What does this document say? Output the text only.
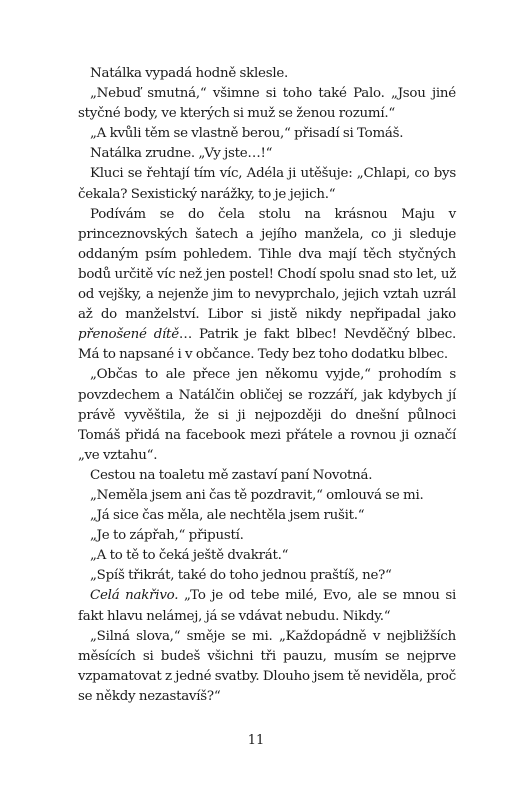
Natálka vypadá hodně sklesle.

„Nebuď smutná,“ všimne si toho také Palo. „Jsou jiné styčné body, ve kterých si muž se ženou rozumí.“

„A kvůli těm se vlastně berou,“ přisadí si Tomáš.

Natálka zrudne. „Vy jste…!“

Kluci se řehtají tím víc, Adéla ji utěšuje: „Chlapi, co bys čekala? Sexistický narážky, to je jejich.“

Podívám se do čela stolu na krásnou Maju v princeznovských šatech a jejího manžela, co ji sleduje oddaným psím pohledem. Tihle dva mají těch styčných bodů určitě víc než jen postel! Chodí spolu snad sto let, už od vejšky, a nejenže jim to nevyprchalo, jejich vztah uzrál až do manželství. Libor si jistě nikdy nepřipadal jako přenošené dítě… Patrik je fakt blbec! Nevděčný blbec. Má to napsané i v občance. Tedy bez toho dodatku blbec.

„Občas to ale přece jen někomu vyjde,“ prohodím s povzdechem a Natálčin obličej se rozzáří, jak kdybych jí právě vyvěštila, že si ji nejpozději do dnešní půlnoci Tomáš přidá na facebook mezi přátele a rovnou ji označí „ve vztahu“.

Cestou na toaletu mě zastaví paní Novotná.

„Neměla jsem ani čas tě pozdravit,“ omlouvá se mi.

„Já sice čas měla, ale nechtěla jsem rušit.“

„Je to zápřah,“ připustí.

„A to tě to čeká ještě dvakrát.“

„Spíš třikrát, také do toho jednou praštíš, ne?“

Celá nakřivo. „To je od tebe milé, Evo, ale se mnou si fakt hlavu nelámej, já se vdávat nebudu. Nikdy.“

„Silná slova,“ směje se mi. „Každopádně v nejbližších měsících si budeš všichni tři pauzu, musím se nejprve vzpamatovat z jedné svatby. Dlouho jsem tě neviděla, proč se někdy nezastavíš?“

11
